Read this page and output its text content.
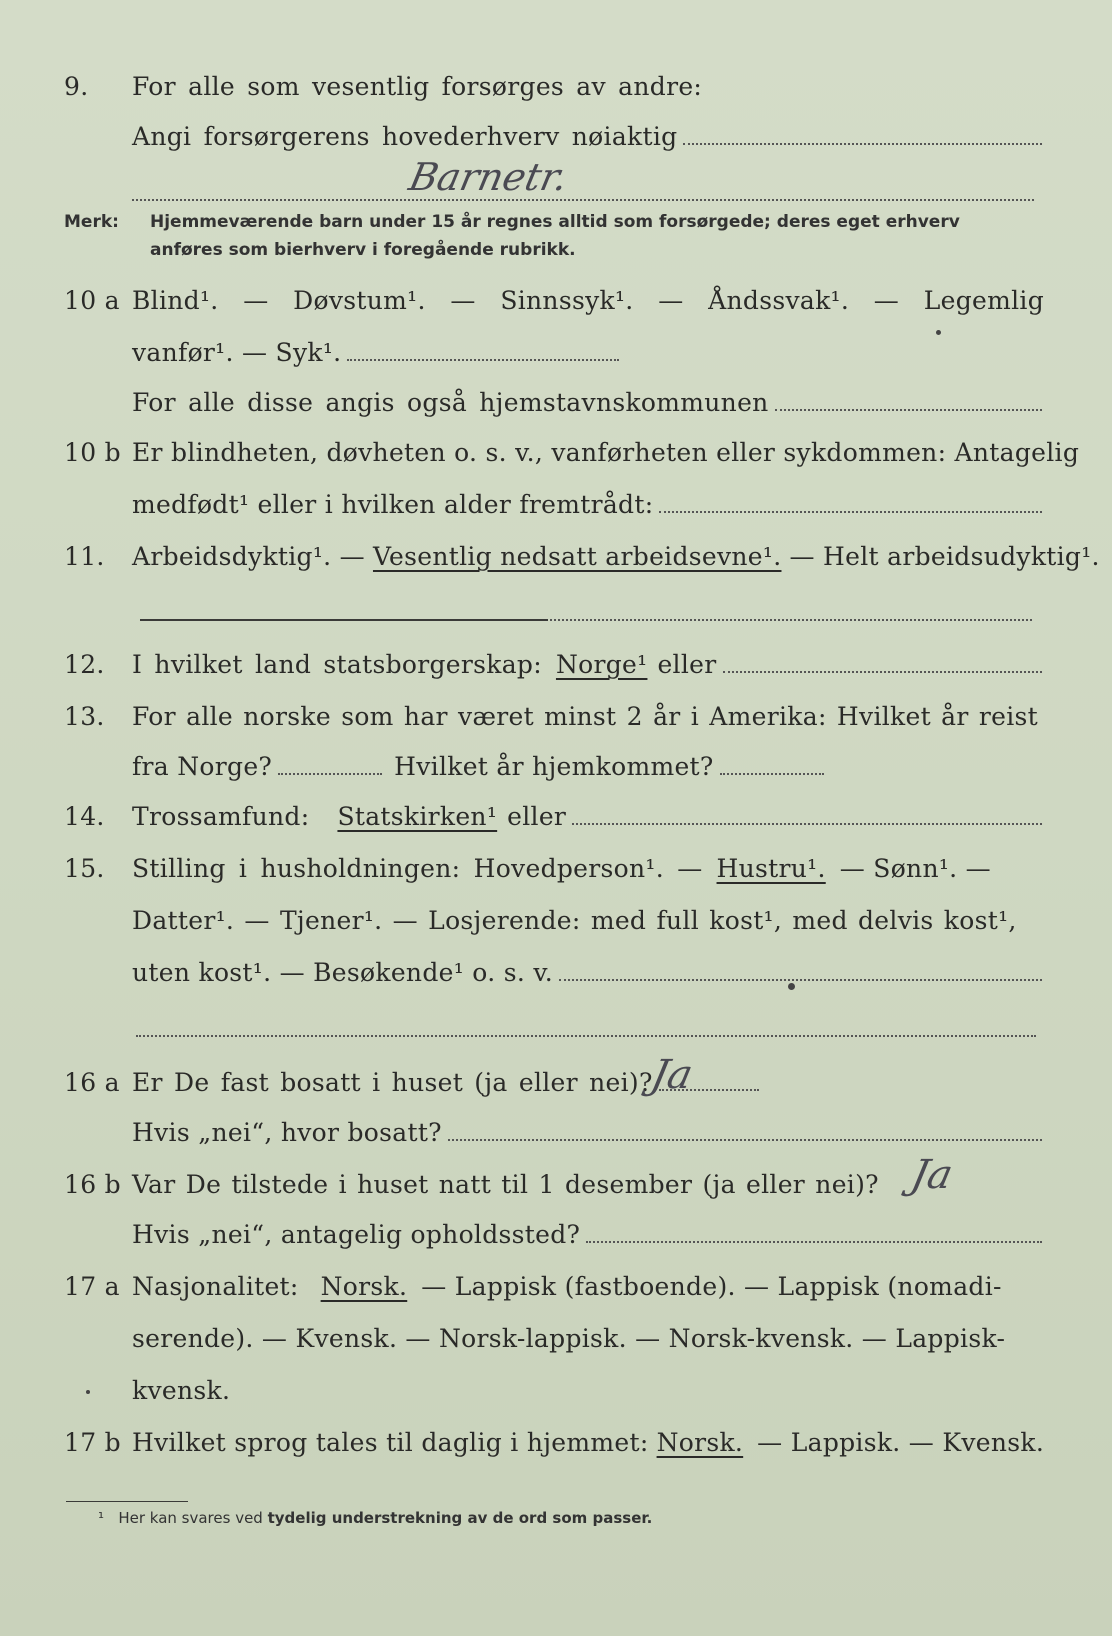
9.	For alle som vesentlig forsørges av andre:
Angi forsørgerens hovederhverv nøiaktig
Barnetr.
Merk: Hjemmeværende barn under 15 år regnes alltid som forsørgede; deres eget erhverv
anføres som bierhverv i foregående rubrikk.
10 a Blind¹. — Døvstum¹. — Sinnssyk¹. — Åndssvak¹. — Legemlig
vanfør¹. — Syk¹.
For alle disse angis også hjemstavnskommunen
10 b Er blindheten, døvheten o. s. v., vanførheten eller sykdommen: Antagelig
medfødt¹ eller i hvilken alder fremtrådt:
11.	Arbeidsdyktig¹. — Vesentlig nedsatt arbeidsevne¹. — Helt arbeidsudyktig¹.
12.	I hvilket land statsborgerskap: Norge¹ eller
13.	For alle norske som har været minst 2 år i Amerika: Hvilket år reist
fra Norge?	Hvilket år hjemkommet?
14.	Trossamfund: Statskirken¹ eller
15.	Stilling i husholdningen: Hovedperson¹. — Hustru¹. — Sønn¹. —
Datter¹. — Tjener¹. — Losjerende: med full kost¹, med delvis kost¹,
uten kost¹. — Besøkende¹ o. s. v.
16 a Er De fast bosatt i huset (ja eller nei)?
Ja
Hvis „nei“, hvor bosatt?
16 b Var De tilstede i huset natt til 1 desember (ja eller nei)? Ja
Hvis „nei“, antagelig opholdssted?
17 a Nasjonalitet: Norsk. — Lappisk (fastboende). — Lappisk (nomadi-
serende). — Kvensk. — Norsk-lappisk. — Norsk-kvensk. — Lappisk-
kvensk.
17 b Hvilket sprog tales til daglig i hjemmet: Norsk. — Lappisk. — Kvensk.
¹ Her kan svares ved tydelig understrekning av de ord som passer.
